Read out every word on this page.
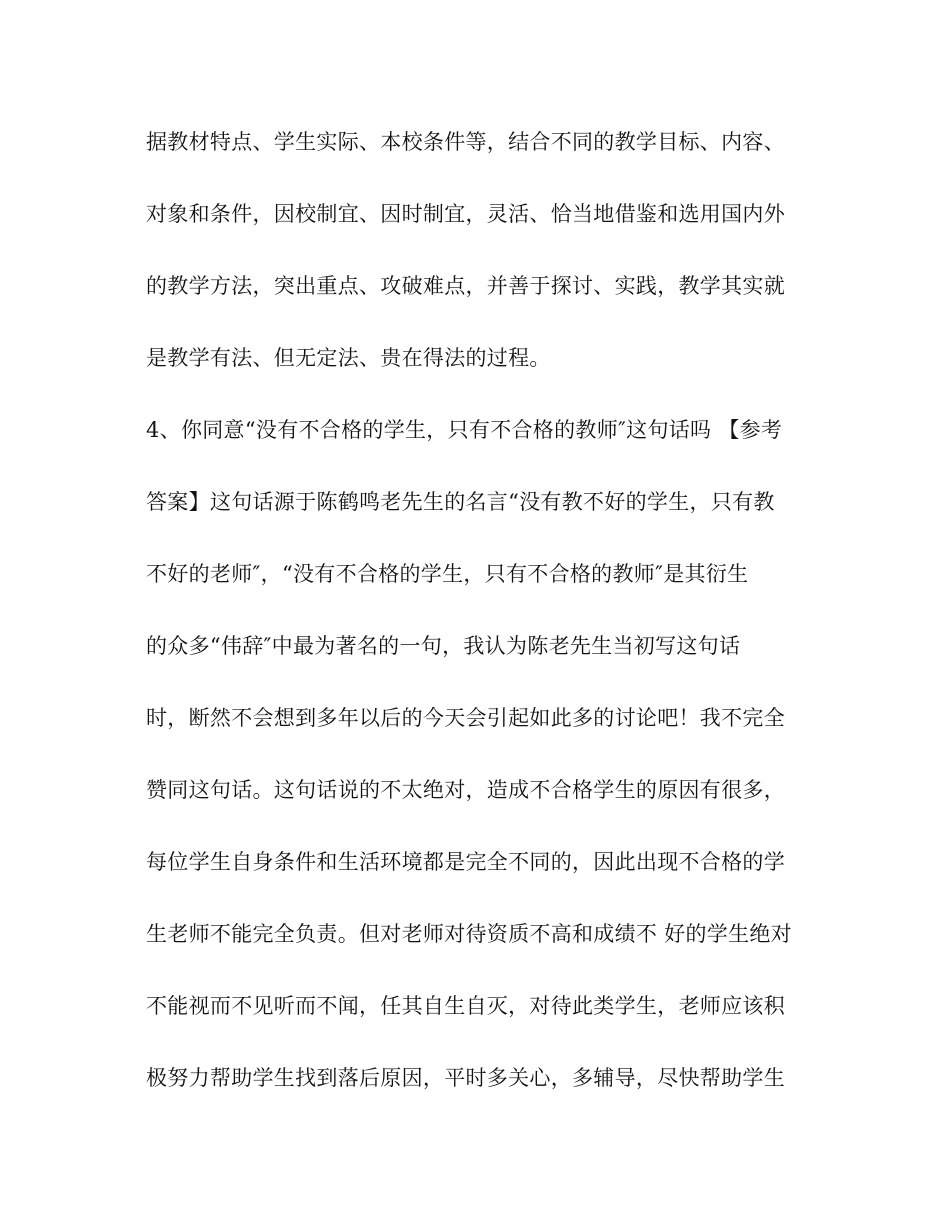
据教材特点、学生实际、本校条件等，结合不同的教学目标、内容、
对象和条件，因校制宜、因时制宜，灵活、恰当地借鉴和选用国内外
的教学方法，突出重点、攻破难点，并善于探讨、实践，教学其实就
是教学有法、但无定法、贵在得法的过程。
4、你同意“没有不合格的学生，只有不合格的教师″这句话吗 【参考
答案】这句话源于陈鹤鸣老先生的名言“没有教不好的学生，只有教
不好的老师″，“没有不合格的学生，只有不合格的教师″是其衍生
的众多“伟辞″中最为著名的一句，我认为陈老先生当初写这句话
时，断然不会想到多年以后的今天会引起如此多的讨论吧！我不完全
赞同这句话。这句话说的不太绝对，造成不合格学生的原因有很多，
每位学生自身条件和生活环境都是完全不同的，因此出现不合格的学
生老师不能完全负责。但对老师对待资质不高和成绩不 好的学生绝对
不能视而不见听而不闻，任其自生自灭，对待此类学生，老师应该积
极努力帮助学生找到落后原因，平时多关心，多辅导，尽快帮助学生
